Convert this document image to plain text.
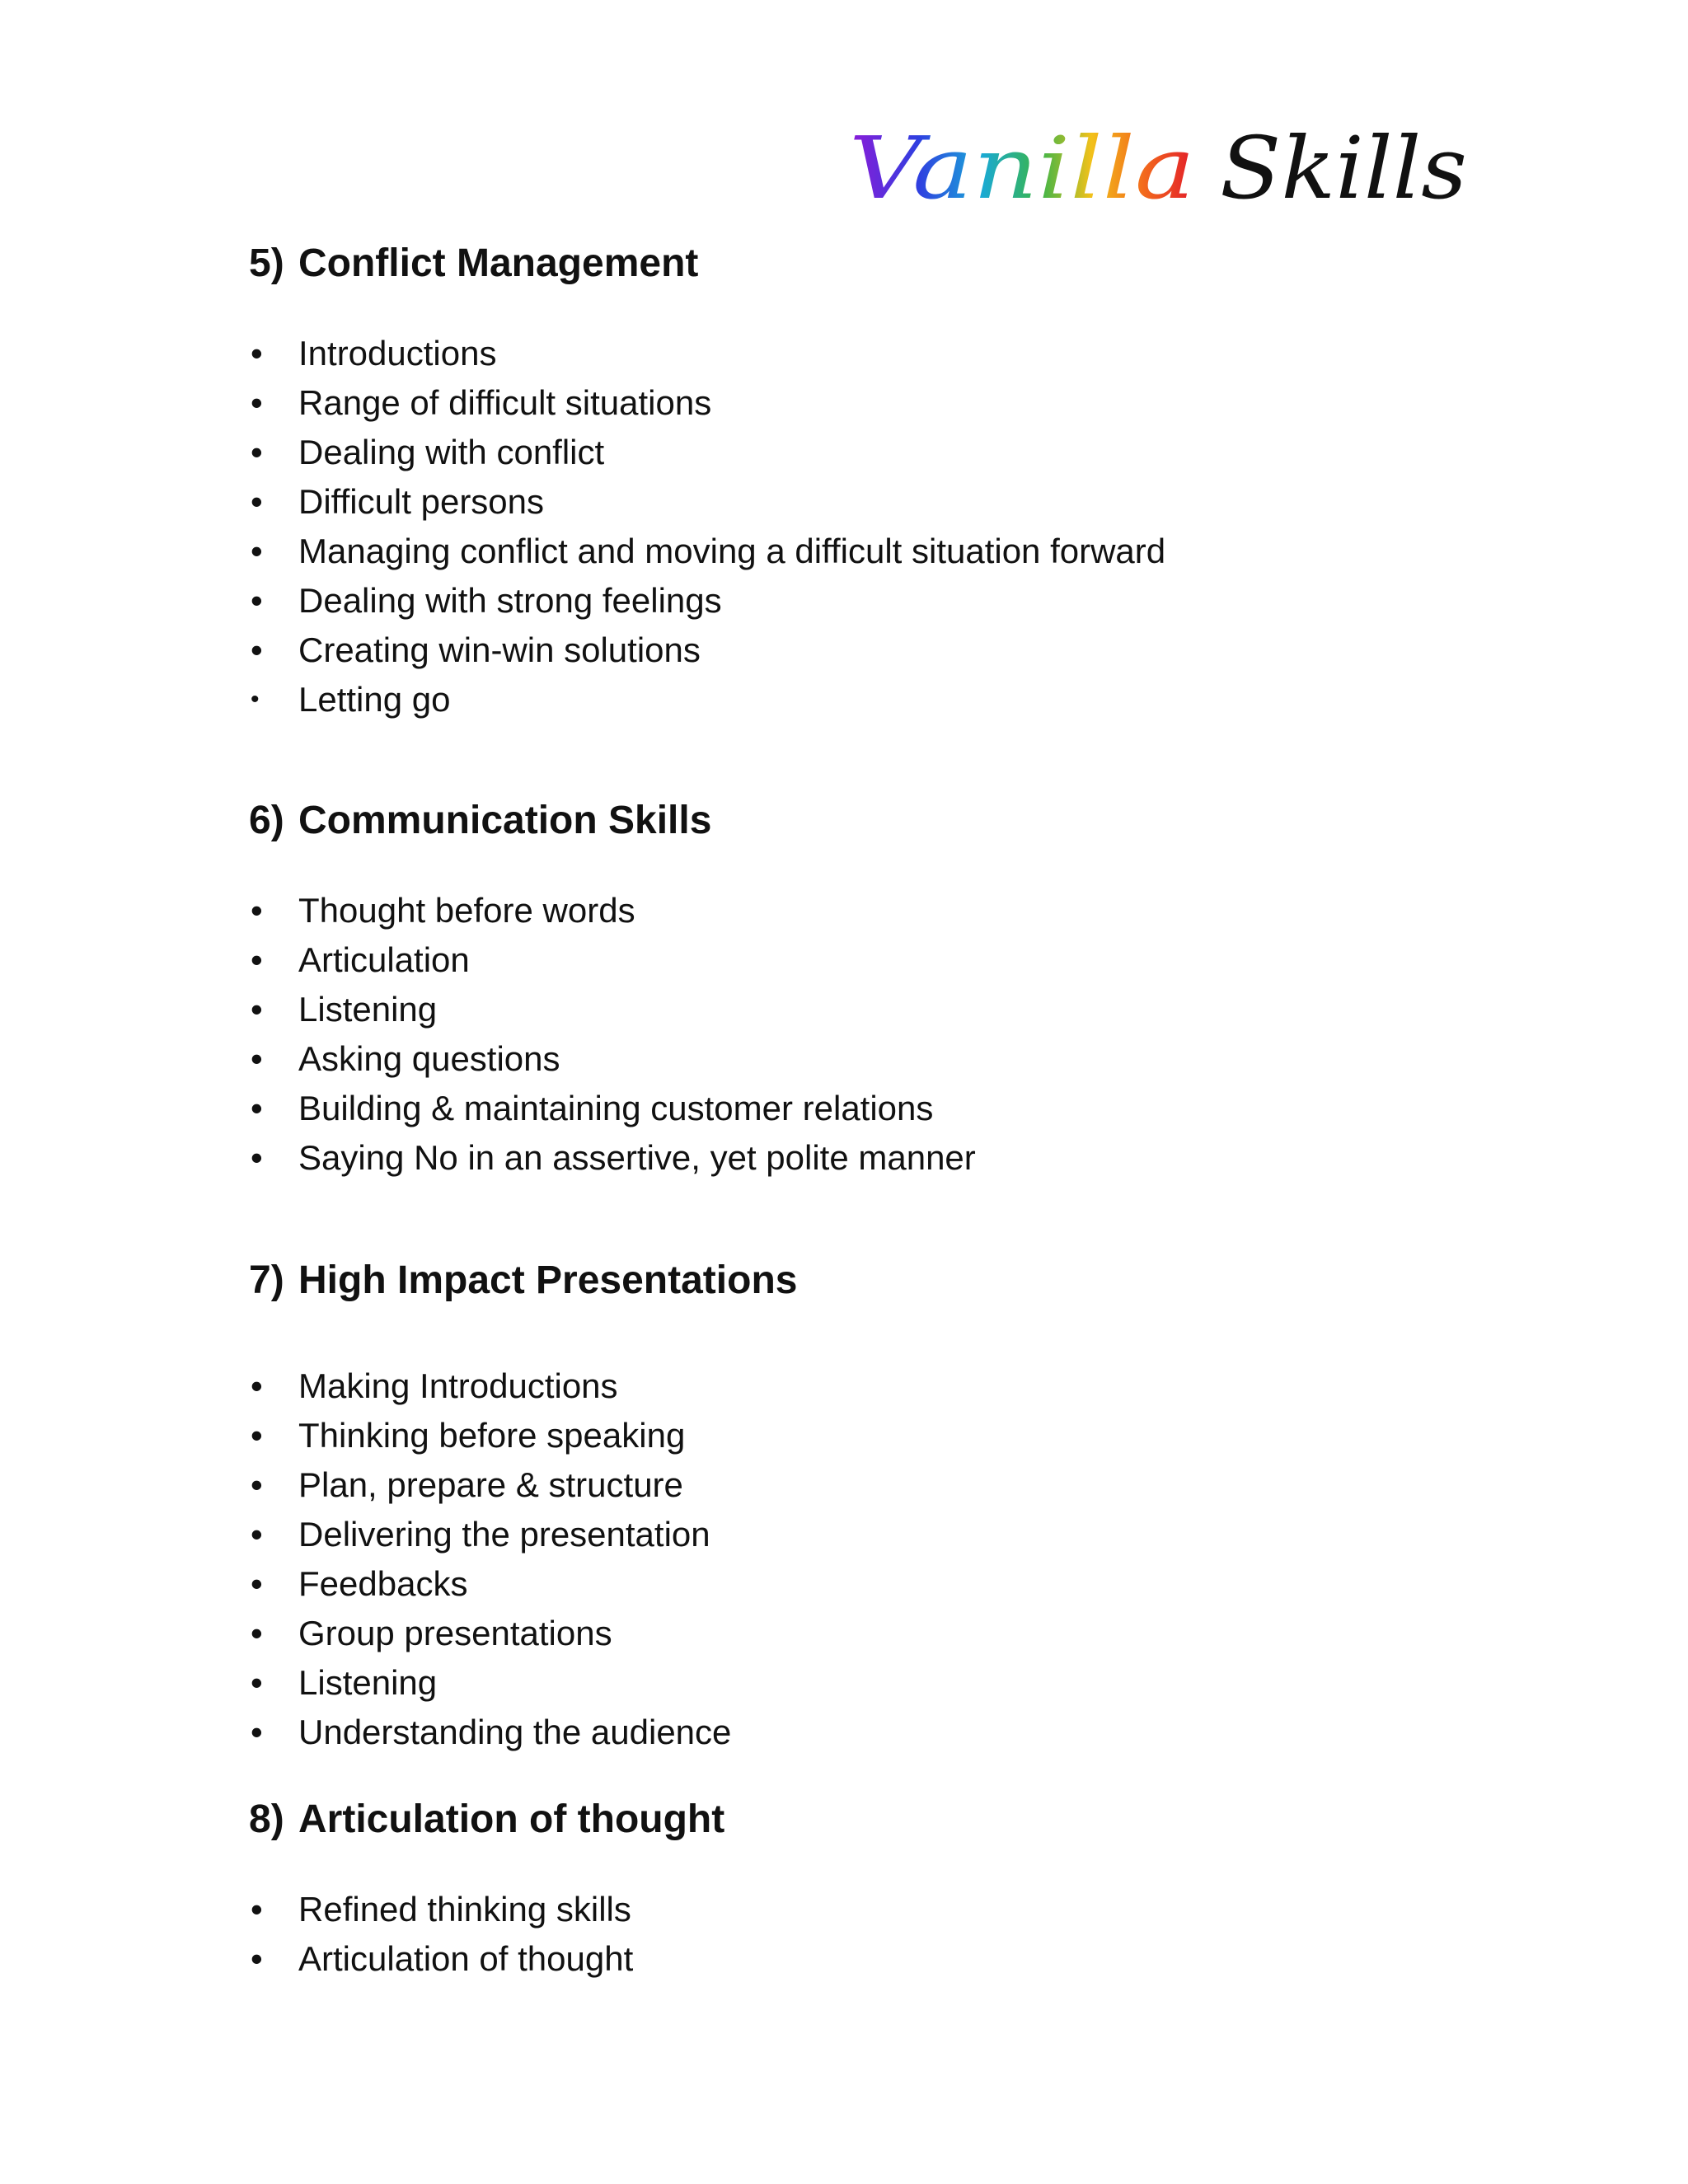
Vanilla Skills
5) Conflict Management
•	Introductions
•	Range of difficult situations
•	Dealing with conflict
•	Difficult persons
•	Managing conflict and moving a difficult situation forward
•	Dealing with strong feelings
•	Creating win-win solutions
•	Letting go
6) Communication Skills
•	Thought before words
•	Articulation
•	Listening
•	Asking questions
•	Building & maintaining customer relations
•	Saying No in an assertive, yet polite manner
7) High Impact Presentations
•	Making Introductions
•	Thinking before speaking
•	Plan, prepare & structure
•	Delivering the presentation
•	Feedbacks
•	Group presentations
•	Listening
•	Understanding the audience
8) Articulation of thought
•	Refined thinking skills
•	Articulation of thought
